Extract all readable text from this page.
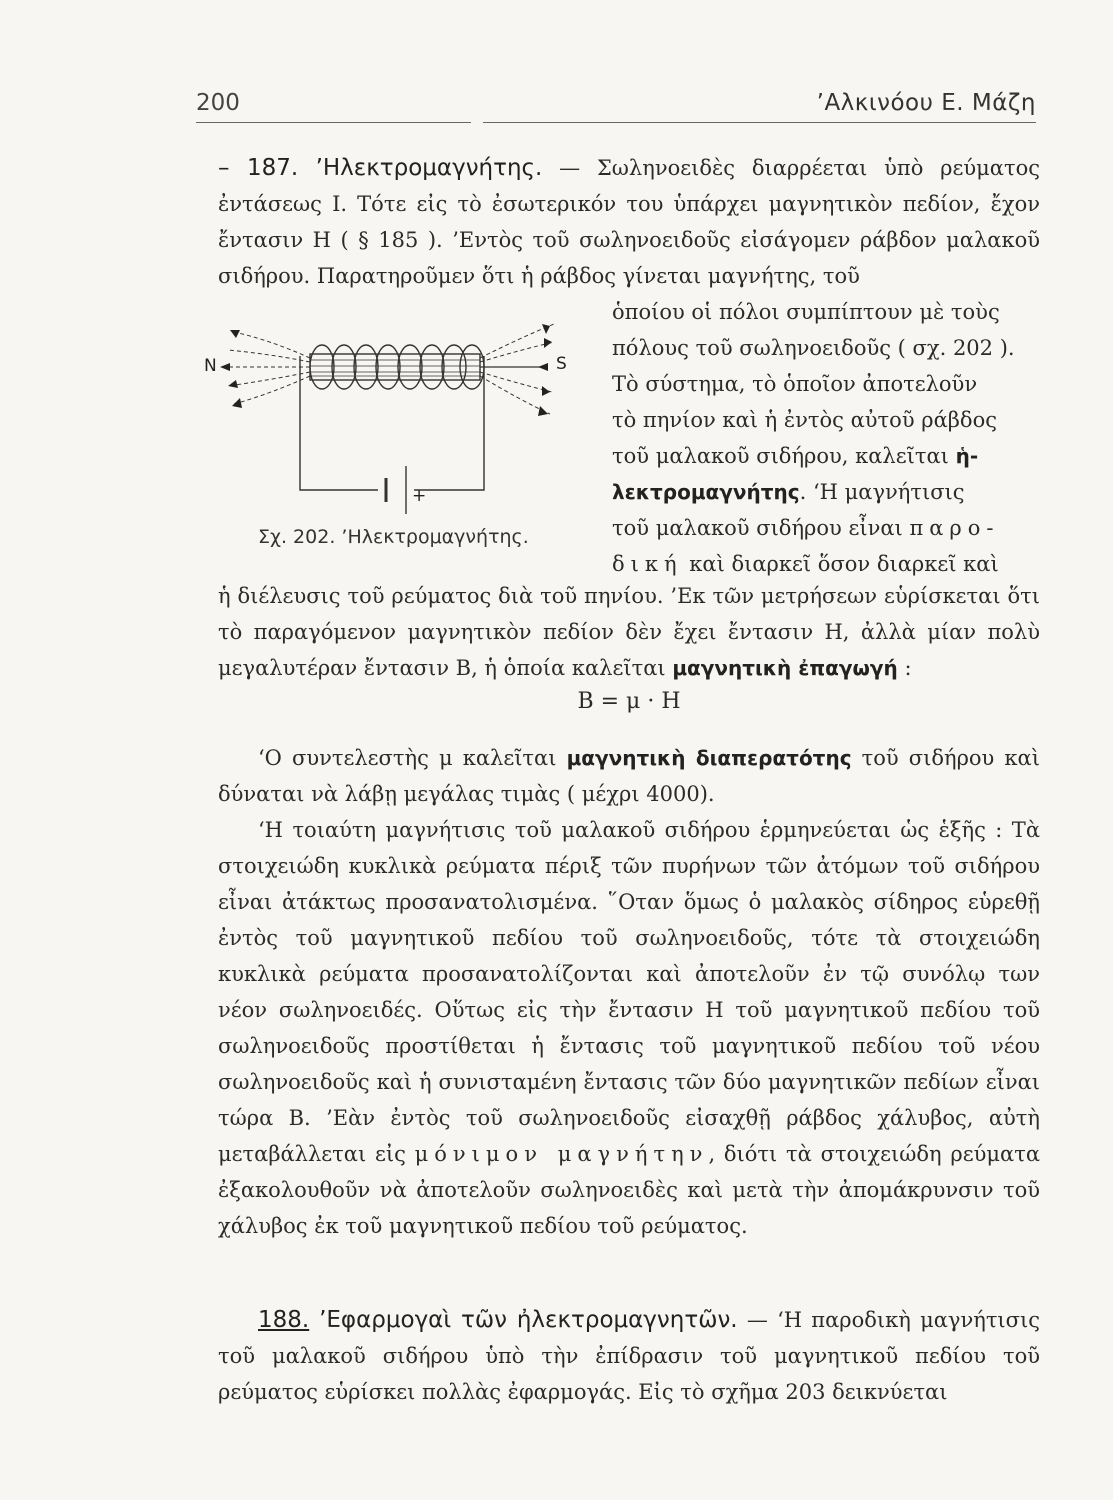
200	’Αλκινόου Ε. Μάζη
– 187. ’Ηλεκτρομαγνήτης. — Σωληνοειδὲς διαρρέεται ὑπὸ ρεύματος ἐντάσεως Ι. Τότε εἰς τὸ ἐσωτερικόν του ὑπάρχει μαγνητικὸν πεδίον, ἔχον ἔντασιν Η ( § 185 ). ’Εντὸς τοῦ σωληνοειδοῦς εἰσάγομεν ράβδον μαλακοῦ σιδήρου. Παρατηροῦμεν ὅτι ἡ ράβδος γίνεται μαγνήτης, τοῦ
ὁποίου οἱ πόλοι συμπίπτουν μὲ τοὺς
πόλους τοῦ σωληνοειδοῦς ( σχ. 202 ).
Τὸ σύστημα, τὸ ὁποῖον ἀποτελοῦν
τὸ πηνίον καὶ ἡ ἐντὸς αὐτοῦ ράβδος
τοῦ μαλακοῦ σιδήρου, καλεῖται ἡ-
λεκτρομαγνήτης. ‘Η μαγνήτισις
τοῦ μαλακοῦ σιδήρου εἶναι παρο-
δική καὶ διαρκεῖ ὅσον διαρκεῖ καὶ
ἡ διέλευσις τοῦ ρεύματος διὰ τοῦ πηνίου. ’Εκ τῶν μετρήσεων εὑρίσκεται ὅτι τὸ παραγόμενον μαγνητικὸν πεδίον δὲν ἔχει ἔντασιν Η, ἀλλὰ μίαν πολὺ μεγαλυτέραν ἔντασιν Β, ἡ ὁποία καλεῖται μαγνητικὴ ἐπαγωγή :
Β = μ · Η
‘Ο συντελεστὴς μ καλεῖται μαγνητικὴ διαπερατότης τοῦ σιδήρου καὶ δύναται νὰ λάβῃ μεγάλας τιμὰς ( μέχρι 4000).
‘Η τοιαύτη μαγνήτισις τοῦ μαλακοῦ σιδήρου ἑρμηνεύεται ὡς ἑξῆς : Τὰ στοιχειώδη κυκλικὰ ρεύματα πέριξ τῶν πυρήνων τῶν ἀτόμων τοῦ σιδήρου εἶναι ἀτάκτως προσανατολισμένα. ῞Οταν ὅμως ὁ μαλακὸς σίδηρος εὑρεθῇ ἐντὸς τοῦ μαγνητικοῦ πεδίου τοῦ σωληνοειδοῦς, τότε τὰ στοιχειώδη κυκλικὰ ρεύματα προσανατολίζονται καὶ ἀποτελοῦν ἐν τῷ συνόλῳ των νέον σωληνοειδές. Οὕτως εἰς τὴν ἔντασιν Η τοῦ μαγνητικοῦ πεδίου τοῦ σωληνοειδοῦς προστίθεται ἡ ἔντασις τοῦ μαγνητικοῦ πεδίου τοῦ νέου σωληνοειδοῦς καὶ ἡ συνισταμένη ἔντασις τῶν δύο μαγνητικῶν πεδίων εἶναι τώρα Β. ’Εὰν ἐντὸς τοῦ σωληνοειδοῦς εἰσαχθῇ ράβδος χάλυβος, αὐτὴ μεταβάλλεται εἰς μόνιμον μαγνήτην, διότι τὰ στοιχειώδη ρεύματα ἐξακολουθοῦν νὰ ἀποτελοῦν σωληνοειδὲς καὶ μετὰ τὴν ἀπομάκρυνσιν τοῦ χάλυβος ἐκ τοῦ μαγνητικοῦ πεδίου τοῦ ρεύματος.
188. ’Εφαρμογαὶ τῶν ἠλεκτρομαγνητῶν. — ‘Η παροδικὴ μαγνήτισις τοῦ μαλακοῦ σιδήρου ὑπὸ τὴν ἐπίδρασιν τοῦ μαγνητικοῦ πεδίου τοῦ ρεύματος εὑρίσκει πολλὰς ἐφαρμογάς. Εἰς τὸ σχῆμα 203 δεικνύεται
N	S
+
Σχ. 202. ’Ηλεκτρομαγνήτης.
